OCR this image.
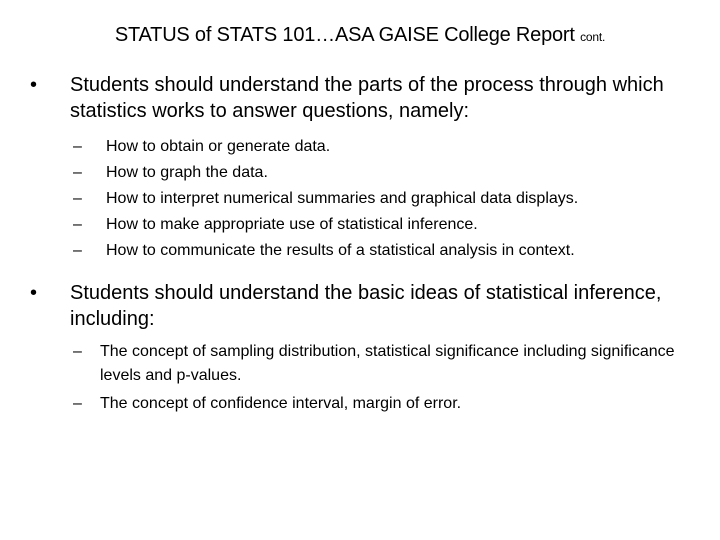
STATUS of STATS 101…ASA GAISE College Report cont.
•	Students should understand the parts of the process through which statistics works to answer questions, namely:
–	How to obtain or generate data.
–	How to graph the data.
–	How to interpret numerical summaries and graphical data displays.
–	How to make appropriate use of statistical inference.
–	How to communicate the results of a statistical analysis in context.
•	Students should understand the basic ideas of statistical inference, including:
–	The concept of sampling distribution, statistical significance including significance levels and p-values.
–	The concept of confidence interval, margin of error.
